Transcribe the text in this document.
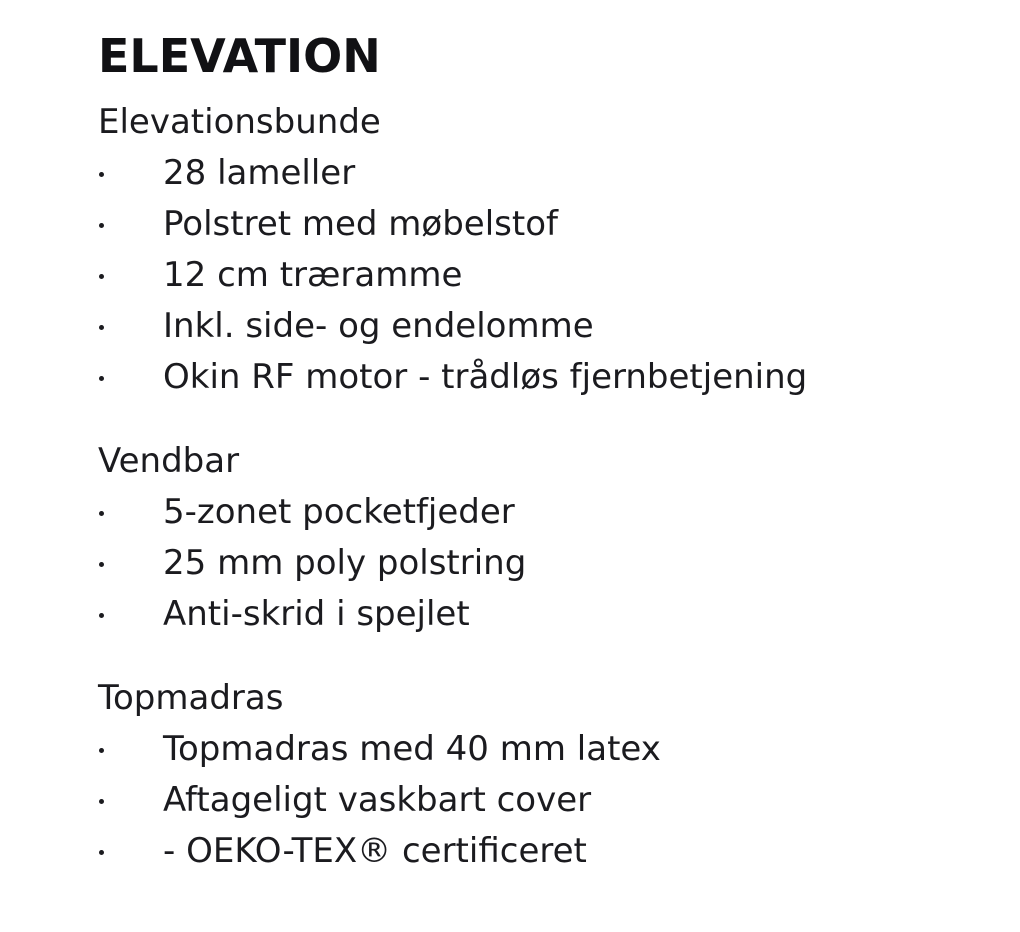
ELEVATION
Elevationsbunde
28 lameller
Polstret med møbelstof
12 cm træramme
Inkl. side- og endelomme
Okin RF motor - trådløs fjernbetjening
Vendbar
5-zonet pocketfjeder
25 mm poly polstring
Anti-skrid i spejlet
Topmadras
Topmadras med 40 mm latex
Aftageligt vaskbart cover
- OEKO-TEX® certificeret
